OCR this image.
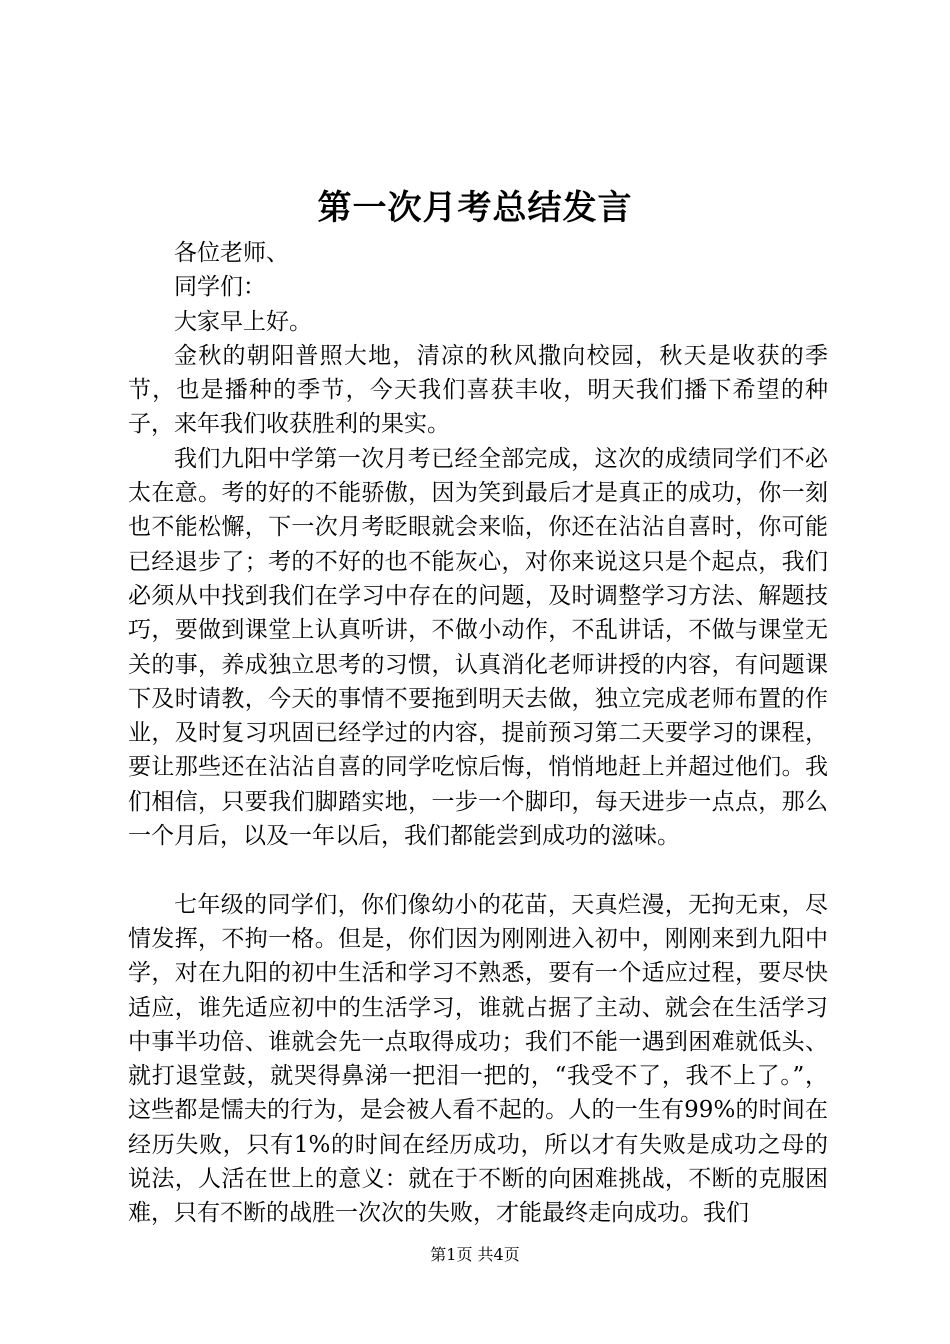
第一次月考总结发言

各位老师、

同学们：

大家早上好。

金秋的朝阳普照大地，清凉的秋风撒向校园，秋天是收获的季节，也是播种的季节，今天我们喜获丰收，明天我们播下希望的种子，来年我们收获胜利的果实。

我们九阳中学第一次月考已经全部完成，这次的成绩同学们不必太在意。考的好的不能骄傲，因为笑到最后才是真正的成功，你一刻也不能松懈，下一次月考眨眼就会来临，你还在沾沾自喜时，你可能已经退步了；考的不好的也不能灰心，对你来说这只是个起点，我们必须从中找到我们在学习中存在的问题，及时调整学习方法、解题技巧，要做到课堂上认真听讲，不做小动作，不乱讲话，不做与课堂无关的事，养成独立思考的习惯，认真消化老师讲授的内容，有问题课下及时请教，今天的事情不要拖到明天去做，独立完成老师布置的作业，及时复习巩固已经学过的内容，提前预习第二天要学习的课程，要让那些还在沾沾自喜的同学吃惊后悔，悄悄地赶上并超过他们。我们相信，只要我们脚踏实地，一步一个脚印，每天进步一点点，那么一个月后，以及一年以后，我们都能尝到成功的滋味。

七年级的同学们，你们像幼小的花苗，天真烂漫，无拘无束，尽情发挥，不拘一格。但是，你们因为刚刚进入初中，刚刚来到九阳中学，对在九阳的初中生活和学习不熟悉，要有一个适应过程，要尽快适应，谁先适应初中的生活学习，谁就占据了主动、就会在生活学习中事半功倍、谁就会先一点取得成功；我们不能一遇到困难就低头、就打退堂鼓，就哭得鼻涕一把泪一把的，“我受不了，我不上了。”，这些都是懦夫的行为，是会被人看不起的。人的一生有99%的时间在经历失败，只有1%的时间在经历成功，所以才有失败是成功之母的说法，人活在世上的意义：就在于不断的向困难挑战，不断的克服困难，只有不断的战胜一次次的失败，才能最终走向成功。我们

第1页 共4页
